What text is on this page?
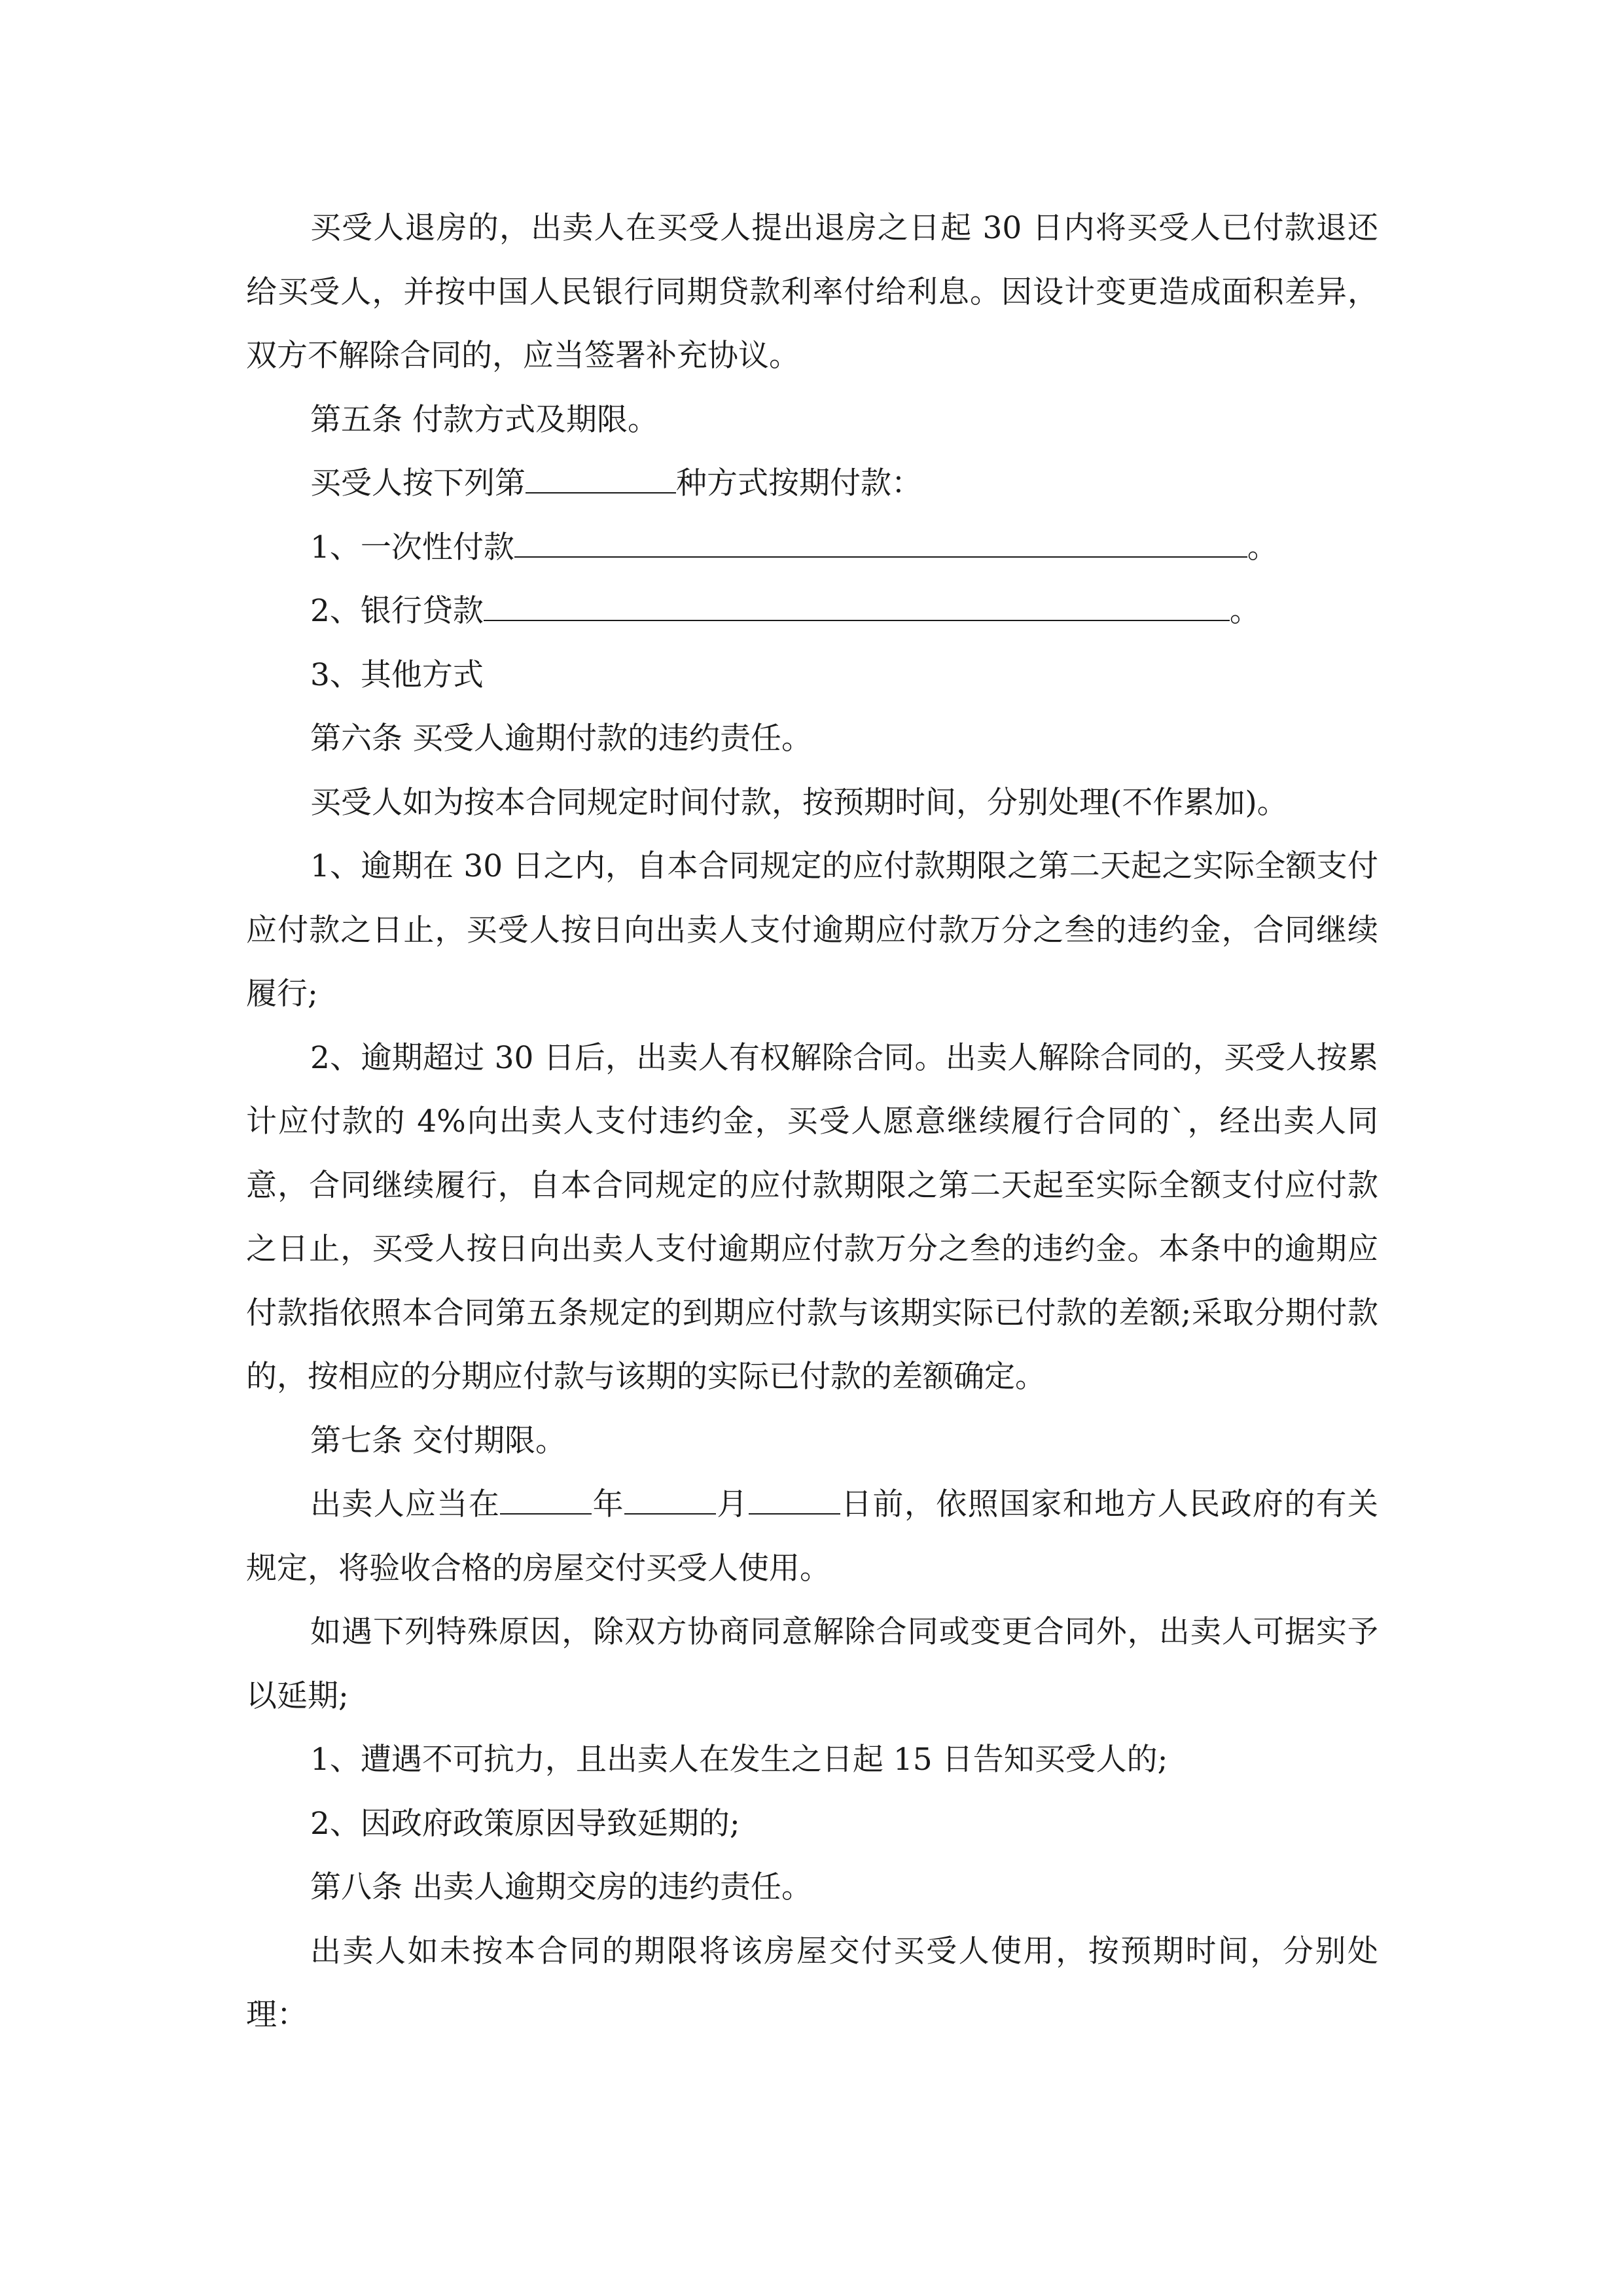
买受人退房的，出卖人在买受人提出退房之日起 30 日内将买受人已付款退还给买受人，并按中国人民银行同期贷款利率付给利息。因设计变更造成面积差异，双方不解除合同的，应当签署补充协议。

第五条 付款方式及期限。

买受人按下列第	种方式按期付款：

1、一次性付款	。

2、银行贷款	。

3、其他方式

第六条 买受人逾期付款的违约责任。

买受人如为按本合同规定时间付款，按预期时间，分别处理(不作累加)。

1、逾期在 30 日之内，自本合同规定的应付款期限之第二天起之实际全额支付应付款之日止，买受人按日向出卖人支付逾期应付款万分之叁的违约金，合同继续履行;

2、逾期超过 30 日后，出卖人有权解除合同。出卖人解除合同的，买受人按累计应付款的 4%向出卖人支付违约金，买受人愿意继续履行合同的`，经出卖人同意，合同继续履行，自本合同规定的应付款期限之第二天起至实际全额支付应付款之日止，买受人按日向出卖人支付逾期应付款万分之叁的违约金。本条中的逾期应付款指依照本合同第五条规定的到期应付款与该期实际已付款的差额;采取分期付款的，按相应的分期应付款与该期的实际已付款的差额确定。

第七条 交付期限。

出卖人应当在	年	月	日前，依照国家和地方人民政府的有关规定，将验收合格的房屋交付买受人使用。

如遇下列特殊原因，除双方协商同意解除合同或变更合同外，出卖人可据实予以延期;

1、遭遇不可抗力，且出卖人在发生之日起 15 日告知买受人的;

2、因政府政策原因导致延期的;

第八条 出卖人逾期交房的违约责任。

出卖人如未按本合同的期限将该房屋交付买受人使用，按预期时间，分别处理：
